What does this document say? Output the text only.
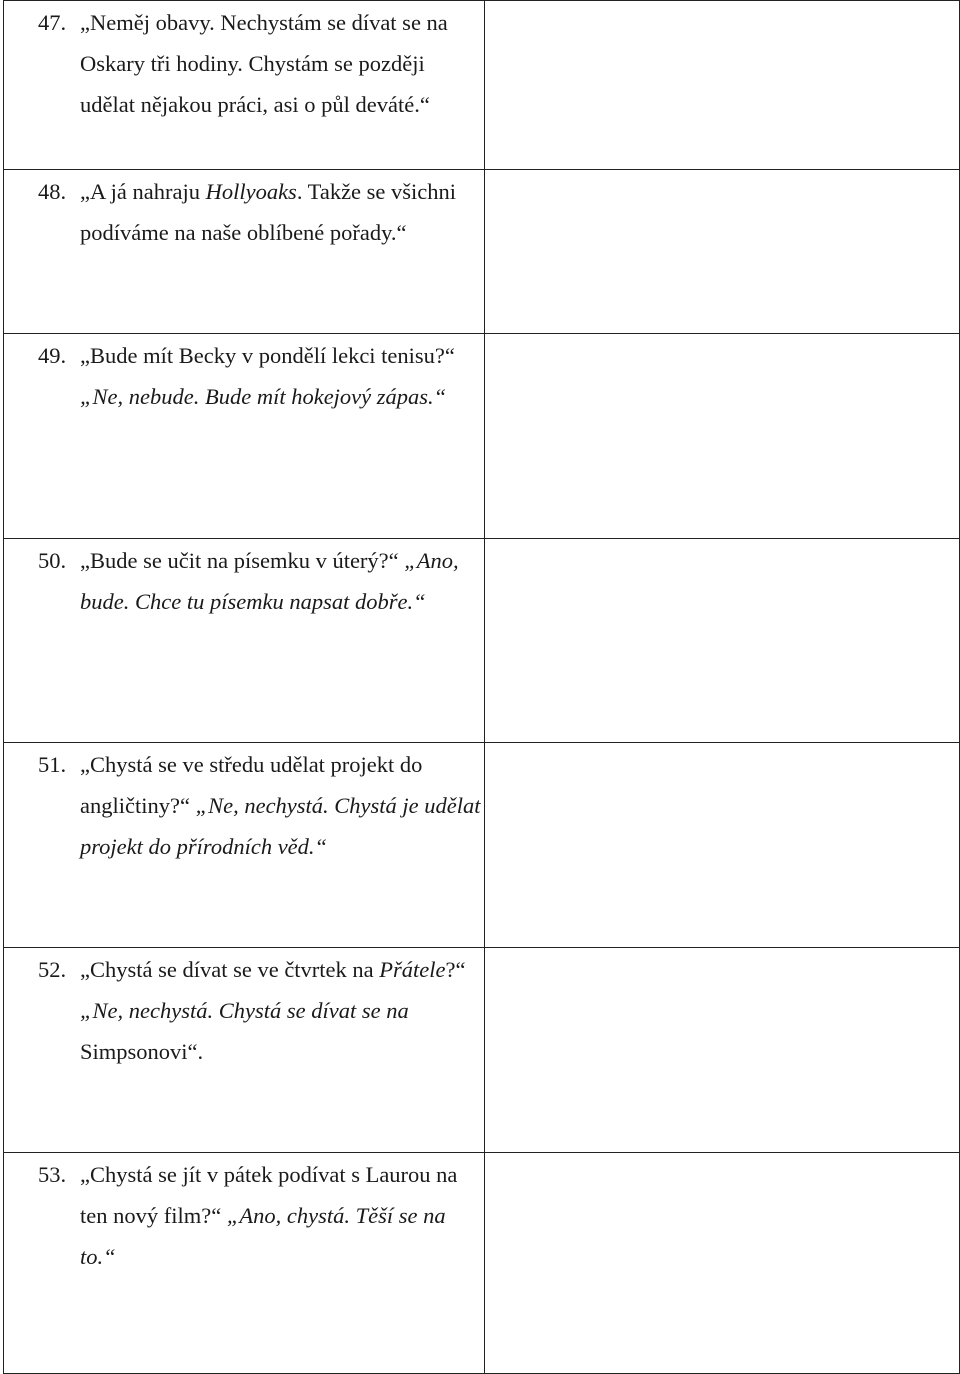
47. „Neměj obavy. Nechystám se dívat se na Oskary tři hodiny. Chystám se později udělat nějakou práci, asi o půl deváté.“	

48. „A já nahraju Hollyoaks. Takže se všichni podíváme na naše oblíbené pořady.“	

49. „Bude mít Becky v pondělí lekci tenisu?“ „Ne, nebude. Bude mít hokejový zápas.“	

50. „Bude se učit na písemku v úterý?“ „Ano, bude. Chce tu písemku napsat dobře.“	

51. „Chystá se ve středu udělat projekt do angličtiny?“ „Ne, nechystá. Chystá je udělat projekt do přírodních věd.“	

52. „Chystá se dívat se ve čtvrtek na Přátele?“ „Ne, nechystá. Chystá se dívat se na Simpsonovi“.	

53. „Chystá se jít v pátek podívat s Laurou na ten nový film?“ „Ano, chystá. Těší se na to.“	
